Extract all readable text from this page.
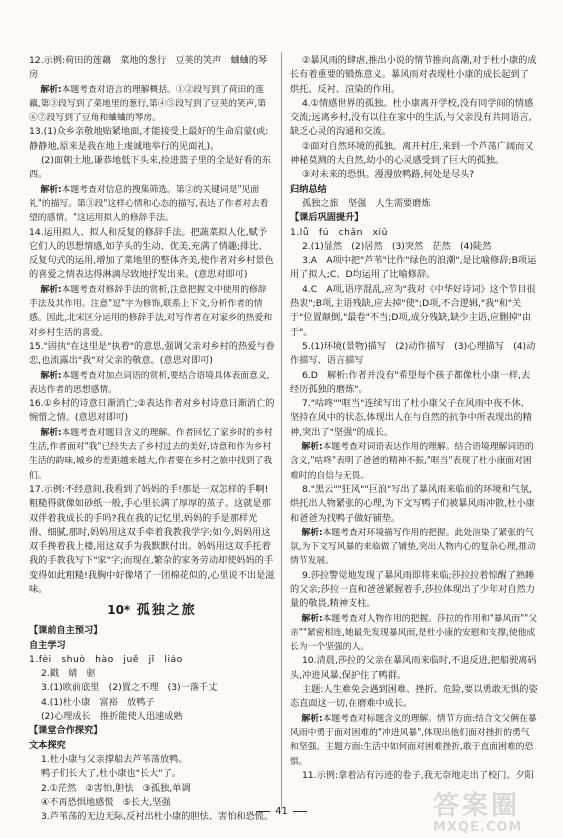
12.示例:荷田的莲藕　菜地的葱行　豆荚的笑声　蛐蛐的琴房

解析:本题考查对语言的理解概括。①②段写到了荷田的莲藕,第③段写到了菜地里的葱行,第④⑤段写到了豆荚的笑声,第⑥⑦段写到了豆角和蛐蛐的琴房。

13.(1)众乡亲敬地贴紧地面,才能接受上最好的生命启蒙(或:静静地,原来是我在地上虔诚地举行的见面礼)。

(2)面朝土地,谦恭地低下头来,捡进篮子里的全是好看的东西。

解析:本题考查对信息的搜集筛选。第②的关键词是"见面礼"的描写。第③段"这样心情和心态的描写,表达了作者对去看望的感情。"这运用拟人的修辞手法。

14.运用拟人、拟人和反复的修辞手法。把蔬菜拟人化,赋予它们人的思想情感,如芋头的生动、优美,充满了情趣;排比、反复句式的运用,增加了菜地里的整体齐美,使作者对乡村景色的喜爱之情表达得淋漓尽致地抒发出来。(意思对即可)

解析:本题考查对修辞手法的赏析,注意把握文中使用的修辞手法及其作用。注意"逗"字为修饰,联系上下文,分析作者的情感。因此,北宋区分运用的修辞手法,对写作者在对家乡的热爱和对乡村生活的喜爱。

15."固执"在这里是"执着"的意思,强调父亲对乡村的热爱与眷恋,也流露出"我"对父亲的敬意。(意思对即可)

解析:本题考查对加点词语的赏析,要结合语境具体表面意义,表达作者的思想感情。

16.①乡村的诗意日渐消亡;②表达作者对乡村诗意日渐消亡的惋惜之情。(意思对即可)

解析:本题考查对题目含义的理解。作者回忆了家乡时的乡村生活,作者面对"我"已经失去了乡村过去的美好,诗意和作为乡村生活的韵味,城乡的差距越来越大,作者要在乡村之旅中找到了我们。

17.示例:不经意间,我看到了妈妈的手!那是一双怎样的手啊!粗糙得就像如砂纸一般,手心里长满了厚厚的茧子。这就是那双伴着我成长的手吗?我在我的记忆里,妈妈的手是那样光滑、细腻,那时,妈妈用这双手牵着我教我学字;如今,妈妈用这双手搀着我上楼,用这双手为我默默付出。妈妈用这双手托着我的手教我写下"家"字;而现在,繁杂的家务劳动却使妈妈的手变得如此粗糙!我胸中好像堵了一团棉花似的,心里说不出是滋味。

10* 孤独之旅

【课前自主预习】

自主学习

1.fèi　shuò　hào　juě　jǐ　liáo

2.戳　婧　驱

3.(1)欧前底里　(2)置之不理　(3)一落千丈

4.(1)杜小康　富裕　放鸭子

(2)心理成长　推折能使人迅速成熟

【课堂合作探究】

文本探究

1.杜小康与父亲撑船去芦苇荡放鸭。

鸭子们长大了,杜小康也"长大"了。

2.①茫然　②害怕,胆怯　③孤独,单调

④不再恐惧地感慌　⑤长大,坚强

3.芦苇荡的无边无际,反衬出杜小康的胆怯、害怕和恐慌。

②暴风雨的肆虐,推出小说的情节推向高潮,对于杜小康的成长有着重要的锻炼意义。暴风雨对表现杜小康的成长起到了烘托、反衬、渲染的作用。

4.①情感世界的孤独。杜小康离开学校,没有同学间的情感交流;远离乡村,没有以往在家中的生活,与父亲没有共同语言,缺乏心灵的沟通和交流。

②面对自然环境的孤独。离开村庄,来到一个芦荡广阔而又神秘莫测的大自然,幼小的心灵感受到了巨大的孤独。

③对未来的恐惧。漫漫放鸭路,何处是尽头?

归纳总结

孤独之旅　坚强　人生需要磨炼

【课后巩固提升】

1.lǚ　fú　chǎn　xiǔ

2.(1)显然　(2)居然　(3)突然　茫然　(4)陡然

3.A　A项中把"芦苇"比作"绿色的浪潮",是比喻修辞;B项运用了拟人;C、D均运用了比喻修辞。

4.C　A项,语序混乱,应为"我对《中华好诗词》这个节目很热衷";B项,主语残缺,应去掉"使";D项,不合逻辑,"我"和"关于"位置颠倒,"最卷"不当;D项,成分残缺,缺少主语,应删掉"由于"。

5.(1)环境(景物)描写　(2)动作描写　(3)心理描写　(4)动作描写、语言描写

6.D　解析:作者并没有"希望每个孩子都像杜小康一样,去经历孤独的磨炼"。

7."咕咚""哐当"连续写出了杜小康父子在风雨中夜不休、坚持在风中的状态,体现出人在与自然的抗争中所表现出的精神,突出了"坚强"的成长。

解析:本题考查对词语表达作用的理解。结合语境理解词语的含义,"咕咚"表明了爸爸的精神不振,"哐当"表现了杜小康面对困难时的自信与无畏。

8."黑云""狂风""巨浪"写出了暴风雨来临前的环境和气氛,烘托出人物紧张的心理,为下文写鸭子们被暴风雨冲散,杜小康和爸爸为找鸭子做好铺垫。

解析:本题考查对环境描写作用的把握。此处渲染了紧张的气氛,为下文写风暴的来临做了铺垫,突出人物内心的复杂心理,推动情节发展。

9.莎拉警觉地发现了暴风雨即将来临;莎拉拉着惊醒了熟睡的父亲;莎拉一直和爸爸紧握着手,莎拉体现出了少年对自然力量的敬畏,精神支柱。

解析:本题考查对人物作用的把握。莎拉的作用和"暴风雨""父亲""紧密相连,她最先发现暴风雨,是杜小康的安慰和支撑,使他成长为一个坚强的人。

10.清晨,莎拉的父亲在暴风雨来临时,不退反进,把船驶离码头,冲进风暴,保护住了鸭群。

主题:人生难免会遇到困难、挫折、危险,要以勇敢无惧的姿态直面这一切,在磨难中成长。

解析:本题考查对标题含义的理解。情节方面:结合文父俩在暴风雨中勇于面对困难的"冲进风暴",体现出他们面对挫折的勇气和坚强。主题方面:生活中如何面对困难挫折,敢于直面困难的恐惧。

11.示例:拿着沾有污迹的卷子,我无奈地走出了校门。夕阳

41	答案圈
MXQE.COM
